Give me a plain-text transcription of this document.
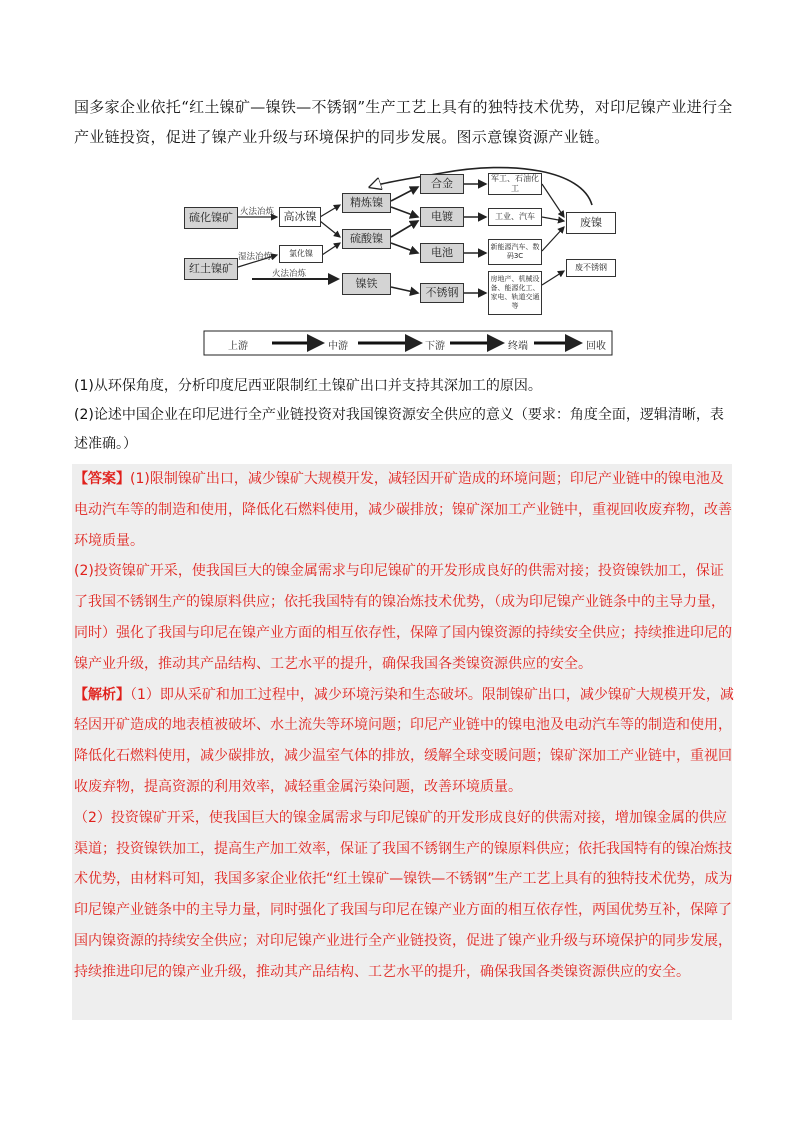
国多家企业依托“红土镍矿—镍铁—不锈钢”生产工艺上具有的独特技术优势，对印尼镍产业进行全产业链投资，促进了镍产业升级与环境保护的同步发展。图示意镍资源产业链。
硫化镍矿
红土镍矿
高冰镍
氯化镍
精炼镍
硫酸镍
镍铁
合金
电镀
电池
不锈钢
军工、石油化工
工业、汽车
新能源汽车、数码3C
房地产、机械设备、能源化工、家电、轨道交通等
废镍
废不锈钢
火法冶炼
湿法冶炼
火法冶炼
上游	中游	下游	终端	回收
(1)从环保角度，分析印度尼西亚限制红土镍矿出口并支持其深加工的原因。
(2)论述中国企业在印尼进行全产业链投资对我国镍资源安全供应的意义（要求：角度全面，逻辑清晰，表述准确。）

【答案】(1)限制镍矿出口，减少镍矿大规模开发，减轻因开矿造成的环境问题；印尼产业链中的镍电池及电动汽车等的制造和使用，降低化石燃料使用，减少碳排放；镍矿深加工产业链中，重视回收废弃物，改善环境质量。

(2)投资镍矿开采，使我国巨大的镍金属需求与印尼镍矿的开发形成良好的供需对接；投资镍铁加工，保证了我国不锈钢生产的镍原料供应；依托我国特有的镍冶炼技术优势，（成为印尼镍产业链条中的主导力量，同时）强化了我国与印尼在镍产业方面的相互依存性，保障了国内镍资源的持续安全供应；持续推进印尼的镍产业升级，推动其产品结构、工艺水平的提升，确保我国各类镍资源供应的安全。

【解析】（1）即从采矿和加工过程中，减少环境污染和生态破坏。限制镍矿出口，减少镍矿大规模开发，减轻因开矿造成的地表植被破坏、水土流失等环境问题；印尼产业链中的镍电池及电动汽车等的制造和使用，降低化石燃料使用，减少碳排放，减少温室气体的排放，缓解全球变暖问题；镍矿深加工产业链中，重视回收废弃物，提高资源的利用效率，减轻重金属污染问题，改善环境质量。

（2）投资镍矿开采，使我国巨大的镍金属需求与印尼镍矿的开发形成良好的供需对接，增加镍金属的供应渠道；投资镍铁加工，提高生产加工效率，保证了我国不锈钢生产的镍原料供应；依托我国特有的镍冶炼技术优势，由材料可知，我国多家企业依托“红土镍矿—镍铁—不锈钢”生产工艺上具有的独特技术优势，成为印尼镍产业链条中的主导力量，同时强化了我国与印尼在镍产业方面的相互依存性，两国优势互补，保障了国内镍资源的持续安全供应；对印尼镍产业进行全产业链投资，促进了镍产业升级与环境保护的同步发展，持续推进印尼的镍产业升级，推动其产品结构、工艺水平的提升，确保我国各类镍资源供应的安全。
